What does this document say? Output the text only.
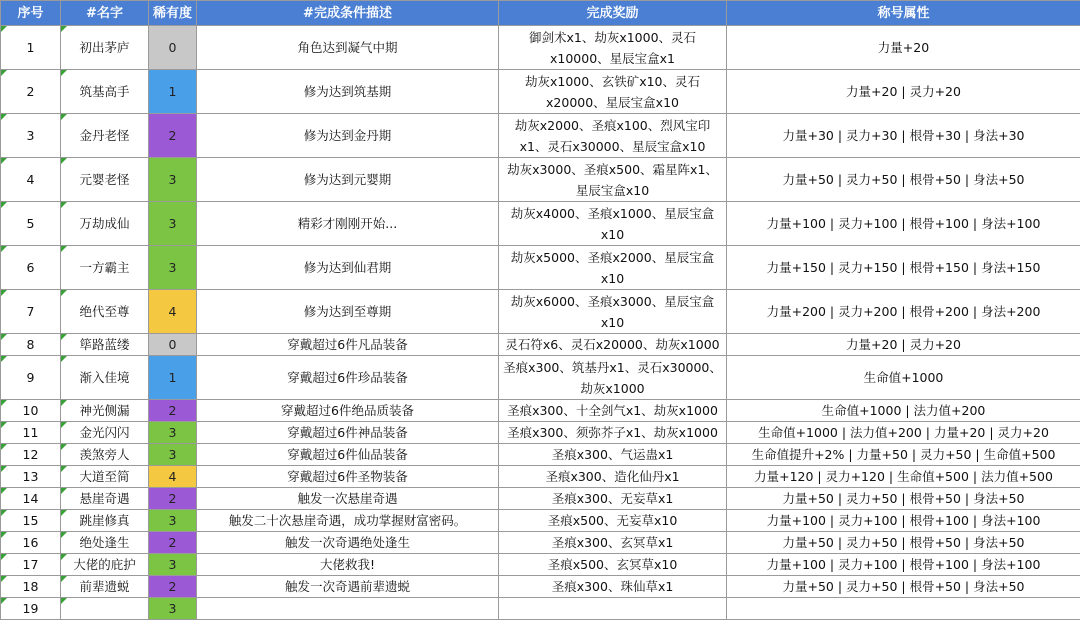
序号	#名字	稀有度	#完成条件描述	完成奖励	称号属性
1	初出茅庐	0	角色达到凝气中期	御剑术x1、劫灰x1000、灵石x10000、星辰宝盒x1	力量+20
2	筑基高手	1	修为达到筑基期	劫灰x1000、玄铁矿x10、灵石x20000、星辰宝盒x10	力量+20 | 灵力+20
3	金丹老怪	2	修为达到金丹期	劫灰x2000、圣痕x100、烈风宝印x1、灵石x30000、星辰宝盒x10	力量+30 | 灵力+30 | 根骨+30 | 身法+30
4	元婴老怪	3	修为达到元婴期	劫灰x3000、圣痕x500、霜星阵x1、星辰宝盒x10	力量+50 | 灵力+50 | 根骨+50 | 身法+50
5	万劫成仙	3	精彩才刚刚开始...	劫灰x4000、圣痕x1000、星辰宝盒x10	力量+100 | 灵力+100 | 根骨+100 | 身法+100
6	一方霸主	3	修为达到仙君期	劫灰x5000、圣痕x2000、星辰宝盒x10	力量+150 | 灵力+150 | 根骨+150 | 身法+150
7	绝代至尊	4	修为达到至尊期	劫灰x6000、圣痕x3000、星辰宝盒x10	力量+200 | 灵力+200 | 根骨+200 | 身法+200
8	筚路蓝缕	0	穿戴超过6件凡品装备	灵石符x6、灵石x20000、劫灰x1000	力量+20 | 灵力+20
9	渐入佳境	1	穿戴超过6件珍品装备	圣痕x300、筑基丹x1、灵石x30000、劫灰x1000	生命值+1000
10	神光侧漏	2	穿戴超过6件绝品质装备	圣痕x300、十全剑气x1、劫灰x1000	生命值+1000 | 法力值+200
11	金光闪闪	3	穿戴超过6件神品装备	圣痕x300、须弥芥子x1、劫灰x1000	生命值+1000 | 法力值+200 | 力量+20 | 灵力+20
12	羡煞旁人	3	穿戴超过6件仙品装备	圣痕x300、气运蛊x1	生命值提升+2% | 力量+50 | 灵力+50 | 生命值+500
13	大道至简	4	穿戴超过6件圣物装备	圣痕x300、造化仙丹x1	力量+120 | 灵力+120 | 生命值+500 | 法力值+500
14	悬崖奇遇	2	触发一次悬崖奇遇	圣痕x300、无妄草x1	力量+50 | 灵力+50 | 根骨+50 | 身法+50
15	跳崖修真	3	触发二十次悬崖奇遇，成功掌握财富密码。	圣痕x500、无妄草x10	力量+100 | 灵力+100 | 根骨+100 | 身法+100
16	绝处逢生	2	触发一次奇遇绝处逢生	圣痕x300、玄冥草x1	力量+50 | 灵力+50 | 根骨+50 | 身法+50
17	大佬的庇护	3	大佬救我!	圣痕x500、玄冥草x10	力量+100 | 灵力+100 | 根骨+100 | 身法+100
18	前辈遗蜕	2	触发一次奇遇前辈遗蜕	圣痕x300、珠仙草x1	力量+50 | 灵力+50 | 根骨+50 | 身法+50
19		3			
